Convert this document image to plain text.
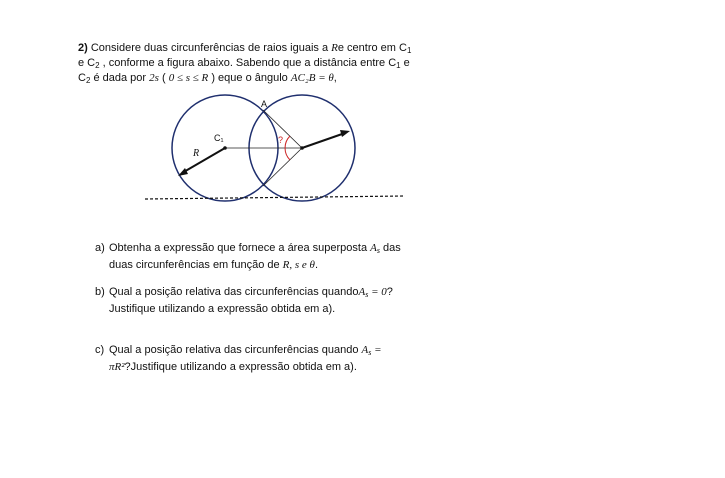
2) Considere duas circunferências de raios iguais a Re centro em $C_1$
e $C_2$ , conforme a figura abaixo. Sabendo que a distância entre $C_1$ e
$C_2$ é dada por 2s ( 0 ≤ s ≤ R ) eque o ângulo AC₂B = θ,
A
C₁
R
?
a) Obtenha a expressão que fornece a área superposta $A_s$ das
duas circunferências em função de R, s e θ.
b) Qual a posição relativa das circunferências quandoA$_s$ = 0?
Justifique utilizando a expressão obtida em a).
c) Qual a posição relativa das circunferências quando $A_s$ =
πR²?Justifique utilizando a expressão obtida em a).
